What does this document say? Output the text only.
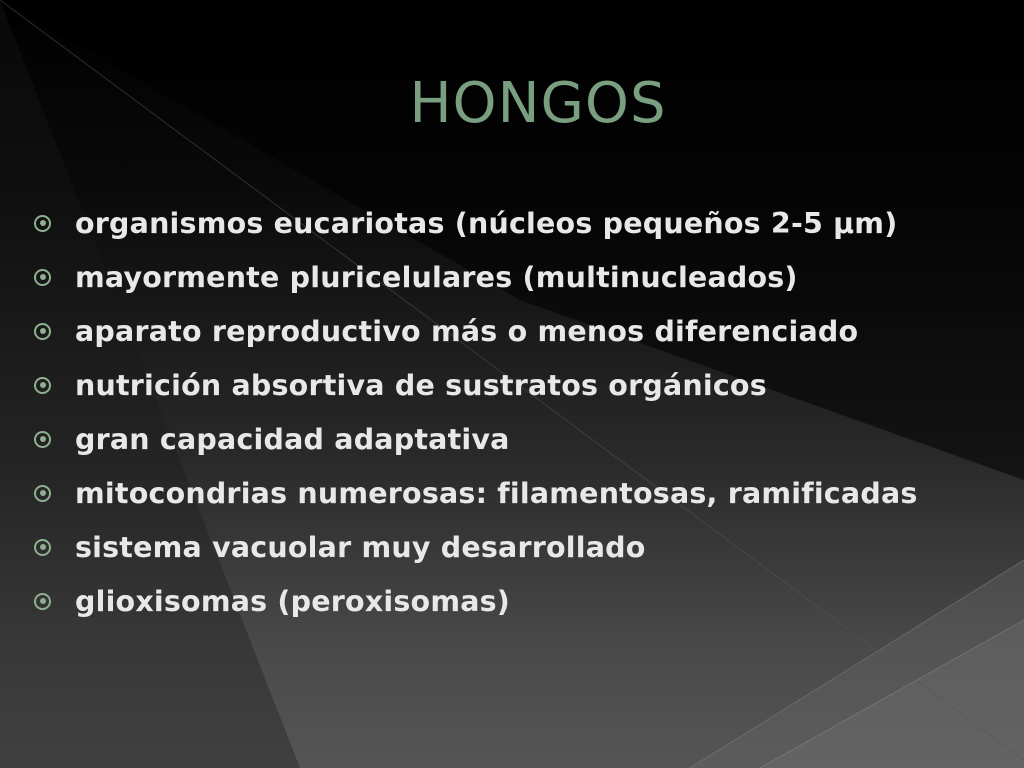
HONGOS
organismos eucariotas (núcleos pequeños 2-5 μm)
mayormente pluricelulares (multinucleados)
aparato reproductivo más o menos diferenciado
nutrición absortiva de sustratos orgánicos
gran capacidad adaptativa
mitocondrias numerosas: filamentosas, ramificadas
sistema vacuolar muy desarrollado
glioxisomas (peroxisomas)
